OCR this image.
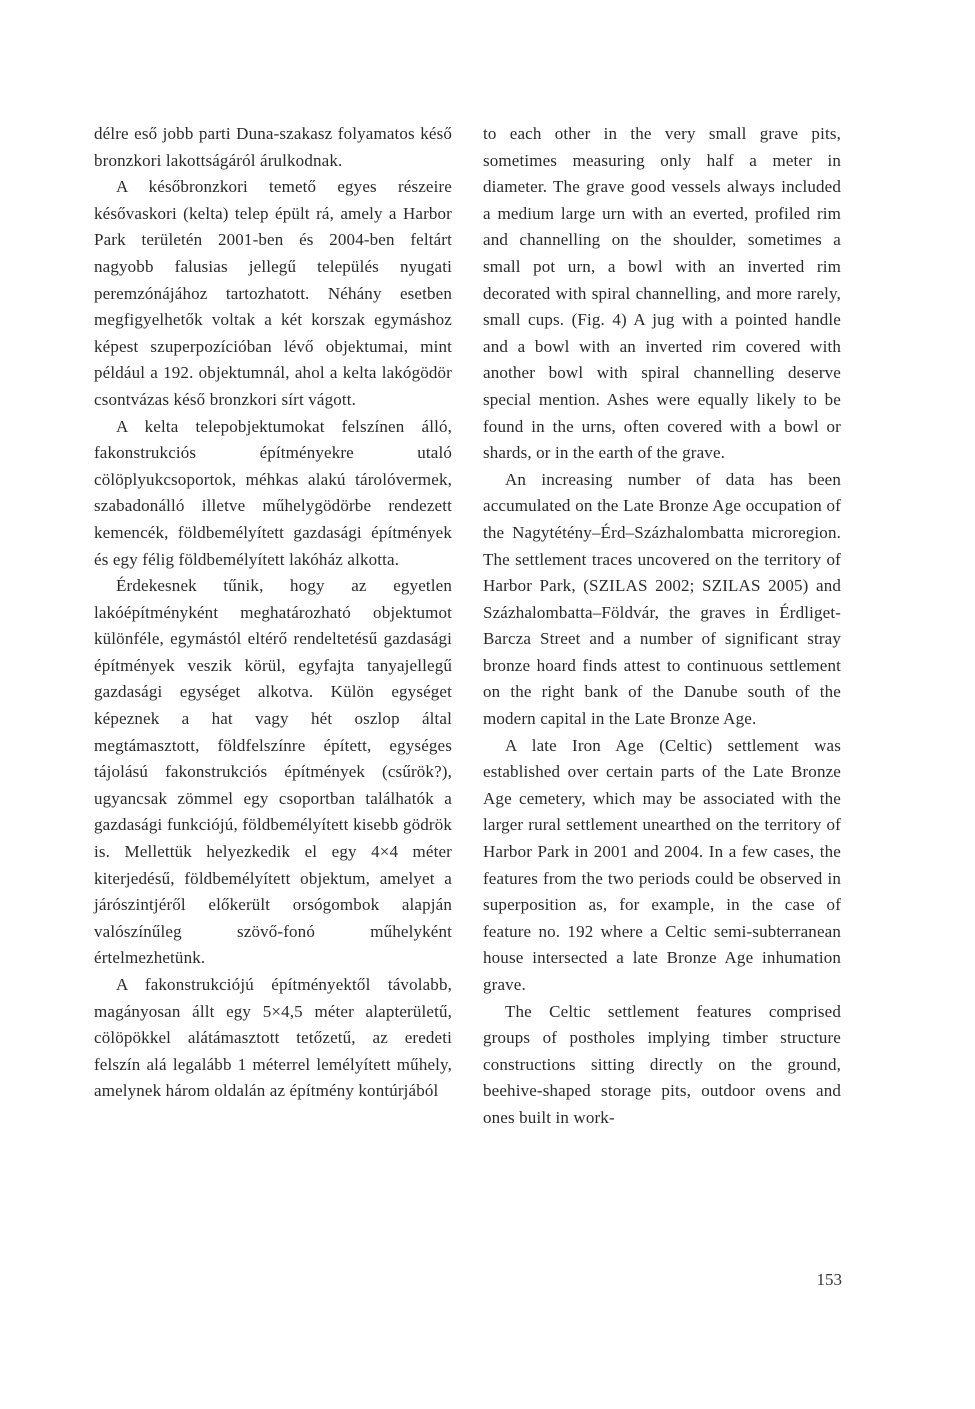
délre eső jobb parti Duna-szakasz folyamatos késő bronzkori lakottságáról árulkodnak.

A későbronzkori temető egyes részeire késővaskori (kelta) telep épült rá, amely a Harbor Park területén 2001-ben és 2004-ben feltárt nagyobb falusias jellegű település nyugati peremzónájához tartozhatott. Néhány esetben megfigyelhetők voltak a két korszak egymáshoz képest szuperpozícióban lévő objektumai, mint például a 192. objektumnál, ahol a kelta lakógödör csontvázas késő bronzkori sírt vágott.

A kelta telepobjektumokat felszínen álló, fakonstrukciós építményekre utaló cölöplyukcsoportok, méhkas alakú tárolóvermek, szabadonálló illetve műhelygödörbe rendezett kemencék, földbemélyített gazdasági építmények és egy félig földbemélyített lakóház alkotta.

Érdekesnek tűnik, hogy az egyetlen lakóépítményként meghatározható objektumot különféle, egymástól eltérő rendeltetésű gazdasági építmények veszik körül, egyfajta tanyajellegű gazdasági egységet alkotva. Külön egységet képeznek a hat vagy hét oszlop által megtámasztott, földfelszínre épített, egységes tájolású fakonstrukciós építmények (csűrök?), ugyancsak zömmel egy csoportban találhatók a gazdasági funkciójú, földbemélyített kisebb gödrök is. Mellettük helyezkedik el egy 4×4 méter kiterjedésű, földbemélyített objektum, amelyet a járószintjéről előkerült orsógombok alapján valószínűleg szövő-fonó műhelyként értelmezhetünk.

A fakonstrukciójú építményektől távolabb, magányosan állt egy 5×4,5 méter alapterületű, cölöpökkel alátámasztott tetőzetű, az eredeti felszín alá legalább 1 méterrel lemélyített műhely, amelynek három oldalán az építmény kontúrjából

to each other in the very small grave pits, sometimes measuring only half a meter in diameter. The grave good vessels always included a medium large urn with an everted, profiled rim and channelling on the shoulder, sometimes a small pot urn, a bowl with an inverted rim decorated with spiral channelling, and more rarely, small cups. (Fig. 4) A jug with a pointed handle and a bowl with an inverted rim covered with another bowl with spiral channelling deserve special mention. Ashes were equally likely to be found in the urns, often covered with a bowl or shards, or in the earth of the grave.

An increasing number of data has been accumulated on the Late Bronze Age occupation of the Nagytétény–Érd–Százhalombatta microregion. The settlement traces uncovered on the territory of Harbor Park, (SZILAS 2002; SZILAS 2005) and Százhalombatta–Földvár, the graves in Érdliget-Barcza Street and a number of significant stray bronze hoard finds attest to continuous settlement on the right bank of the Danube south of the modern capital in the Late Bronze Age.

A late Iron Age (Celtic) settlement was established over certain parts of the Late Bronze Age cemetery, which may be associated with the larger rural settlement unearthed on the territory of Harbor Park in 2001 and 2004. In a few cases, the features from the two periods could be observed in superposition as, for example, in the case of feature no. 192 where a Celtic semi-subterranean house intersected a late Bronze Age inhumation grave.

The Celtic settlement features comprised groups of postholes implying timber structure constructions sitting directly on the ground, beehive-shaped storage pits, outdoor ovens and ones built in work-

153
